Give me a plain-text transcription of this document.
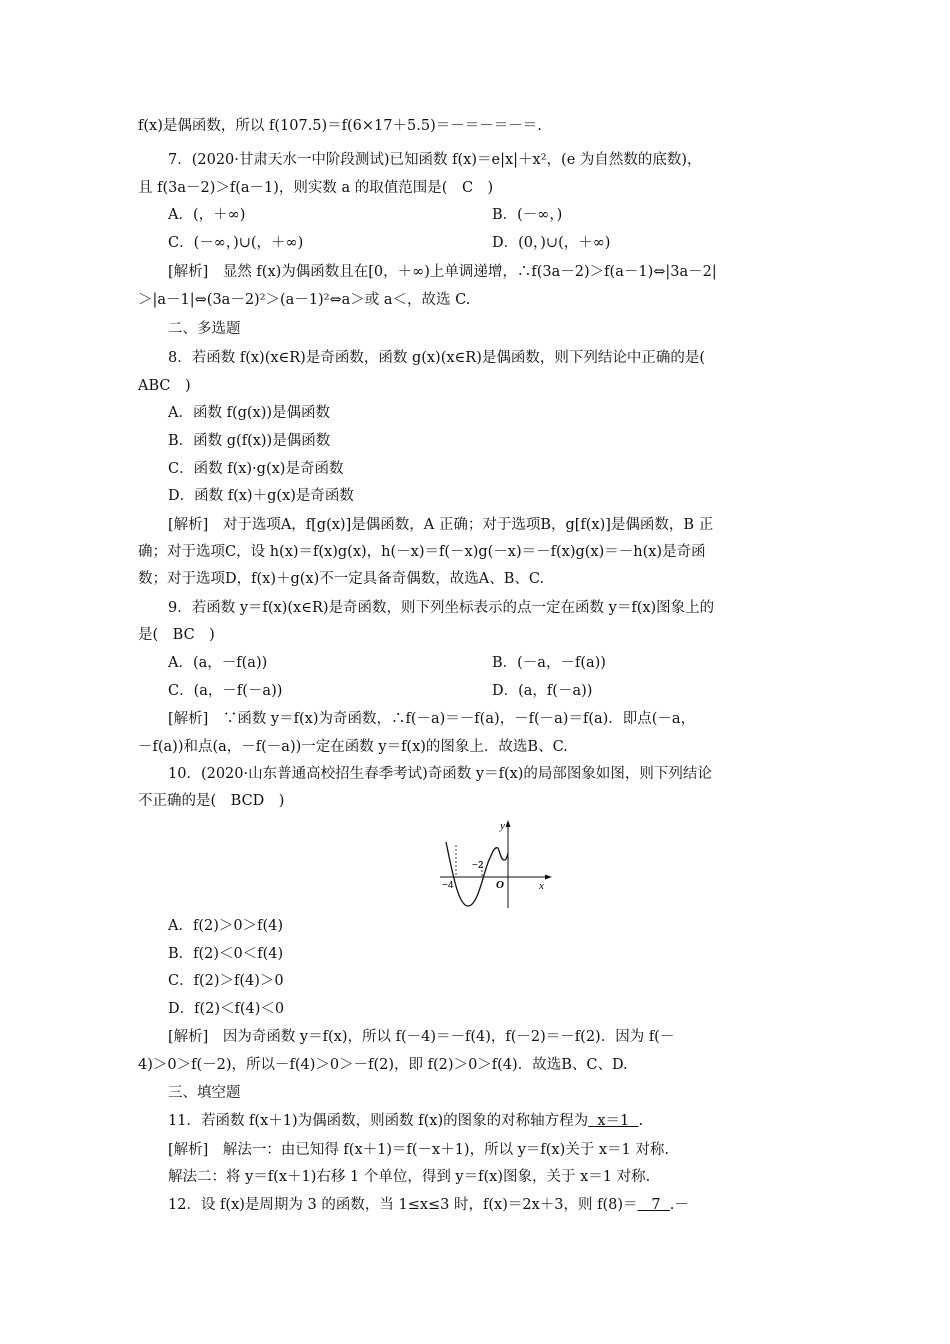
f(x)是偶函数，所以 f(107.5)＝f(6×17＋5.5)＝－＝－＝－＝.
7．(2020·甘肃天水一中阶段测试)已知函数 f(x)＝e|x|＋x²，(e 为自然数的底数)，
且 f(3a－2)＞f(a－1)，则实数 a 的取值范围是(　C　)
A．(，＋∞)	B．(－∞，)
C．(－∞，)∪(，＋∞)	D．(0，)∪(，＋∞)
[解析]　显然 f(x)为偶函数且在[0，＋∞)上单调递增，∴f(3a－2)＞f(a－1)⇔|3a－2|
＞|a－1|⇔(3a－2)²＞(a－1)²⇔a＞或 a＜，故选 C.
二、多选题
8．若函数 f(x)(x∈R)是奇函数，函数 g(x)(x∈R)是偶函数，则下列结论中正确的是(
ABC　)
A．函数 f(g(x))是偶函数
B．函数 g(f(x))是偶函数
C．函数 f(x)·g(x)是奇函数
D．函数 f(x)＋g(x)是奇函数
[解析]　对于选项A，f[g(x)]是偶函数，A 正确；对于选项B，g[f(x)]是偶函数，B 正
确；对于选项C，设 h(x)＝f(x)g(x)，h(－x)＝f(－x)g(－x)＝－f(x)g(x)＝－h(x)是奇函
数；对于选项D，f(x)＋g(x)不一定具备奇偶数，故选A、B、C.
9．若函数 y＝f(x)(x∈R)是奇函数，则下列坐标表示的点一定在函数 y＝f(x)图象上的
是(　BC　)
A．(a，－f(a))	B．(－a，－f(a))
C．(a，－f(－a))	D．(a，f(－a))
[解析]　∵函数 y＝f(x)为奇函数，∴f(－a)＝－f(a)，－f(－a)＝f(a)．即点(－a，
－f(a))和点(a，－f(－a))一定在函数 y＝f(x)的图象上．故选B、C.
10．(2020·山东普通高校招生春季考试)奇函数 y＝f(x)的局部图象如图，则下列结论
不正确的是(　BCD　)
y
x
O
−4
−2
A．f(2)＞0＞f(4)
B．f(2)＜0＜f(4)
C．f(2)＞f(4)＞0
D．f(2)＜f(4)＜0
[解析]　因为奇函数 y＝f(x)，所以 f(－4)＝－f(4)，f(－2)＝－f(2)．因为 f(－
4)＞0＞f(－2)，所以－f(4)＞0＞－f(2)，即 f(2)＞0＞f(4)．故选B、C、D.
三、填空题
11．若函数 f(x＋1)为偶函数，则函数 f(x)的图象的对称轴方程为 x＝1 .
[解析]　解法一：由已知得 f(x＋1)＝f(－x＋1)，所以 y＝f(x)关于 x＝1 对称.
解法二：将 y＝f(x＋1)右移 1 个单位，得到 y＝f(x)图象，关于 x＝1 对称.
12．设 f(x)是周期为 3 的函数，当 1≤x≤3 时，f(x)＝2x＋3，则 f(8)＝ 7 .－
